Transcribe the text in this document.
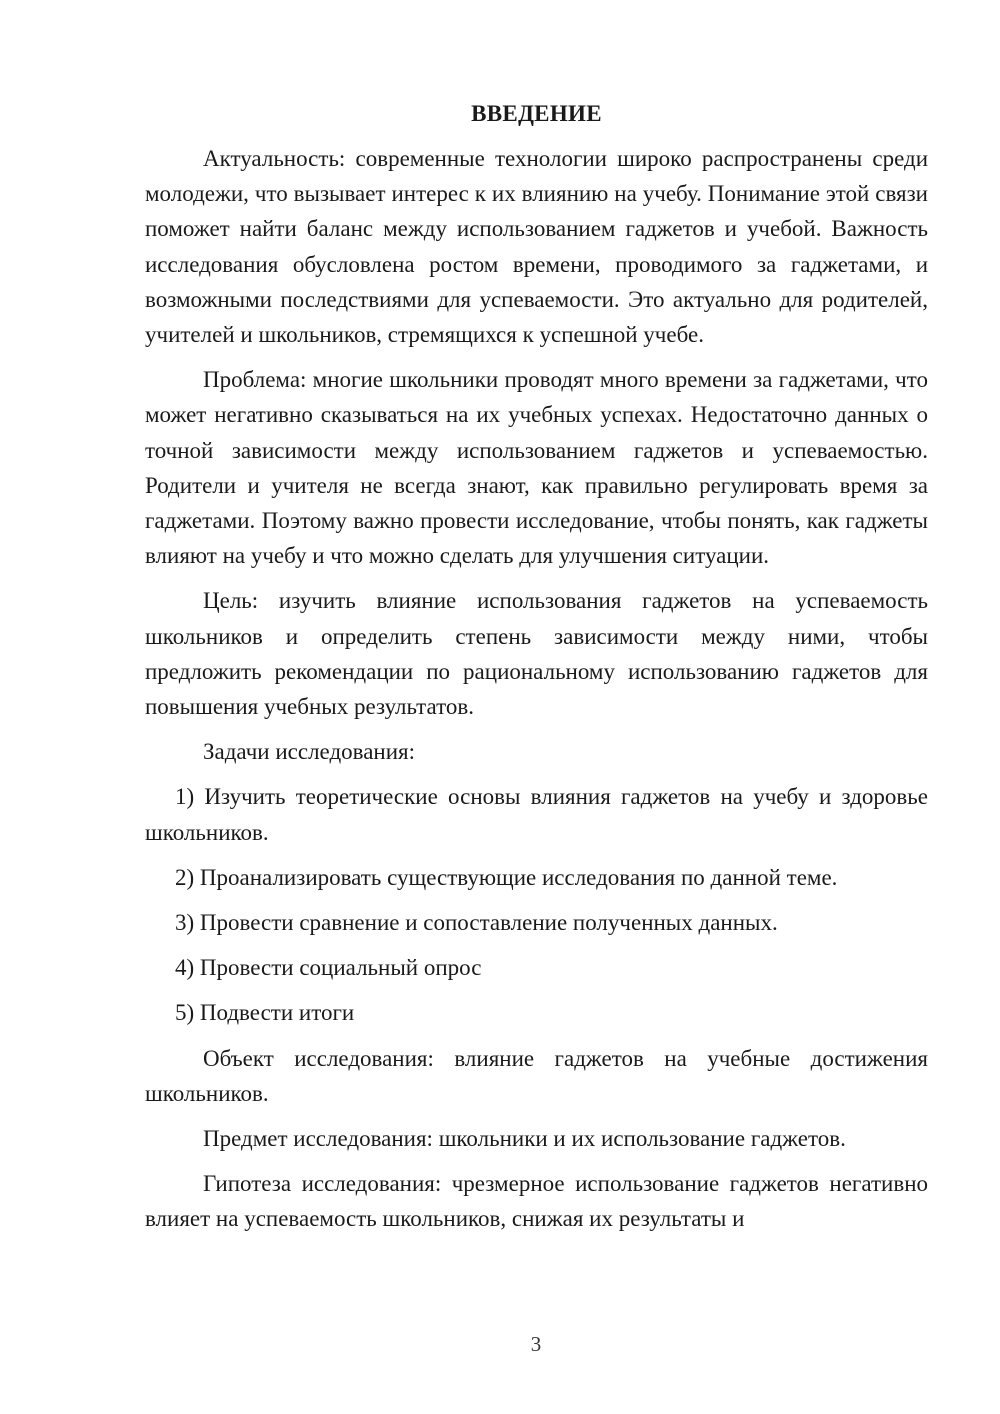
ВВЕДЕНИЕ

Актуальность: современные технологии широко распространены среди молодежи, что вызывает интерес к их влиянию на учебу. Понимание этой связи поможет найти баланс между использованием гаджетов и учебой. Важность исследования обусловлена ростом времени, проводимого за гаджетами, и возможными последствиями для успеваемости. Это актуально для родителей, учителей и школьников, стремящихся к успешной учебе.

Проблема: многие школьники проводят много времени за гаджетами, что может негативно сказываться на их учебных успехах. Недостаточно данных о точной зависимости между использованием гаджетов и успеваемостью. Родители и учителя не всегда знают, как правильно регулировать время за гаджетами. Поэтому важно провести исследование, чтобы понять, как гаджеты влияют на учебу и что можно сделать для улучшения ситуации.

Цель: изучить влияние использования гаджетов на успеваемость школьников и определить степень зависимости между ними, чтобы предложить рекомендации по рациональному использованию гаджетов для повышения учебных результатов.

Задачи исследования:

1) Изучить теоретические основы влияния гаджетов на учебу и здоровье школьников.

2) Проанализировать существующие исследования по данной теме.

3) Провести сравнение и сопоставление полученных данных.

4) Провести социальный опрос

5) Подвести итоги

Объект исследования: влияние гаджетов на учебные достижения школьников.

Предмет исследования: школьники и их использование гаджетов.

Гипотеза исследования: чрезмерное использование гаджетов негативно влияет на успеваемость школьников, снижая их результаты и

3
